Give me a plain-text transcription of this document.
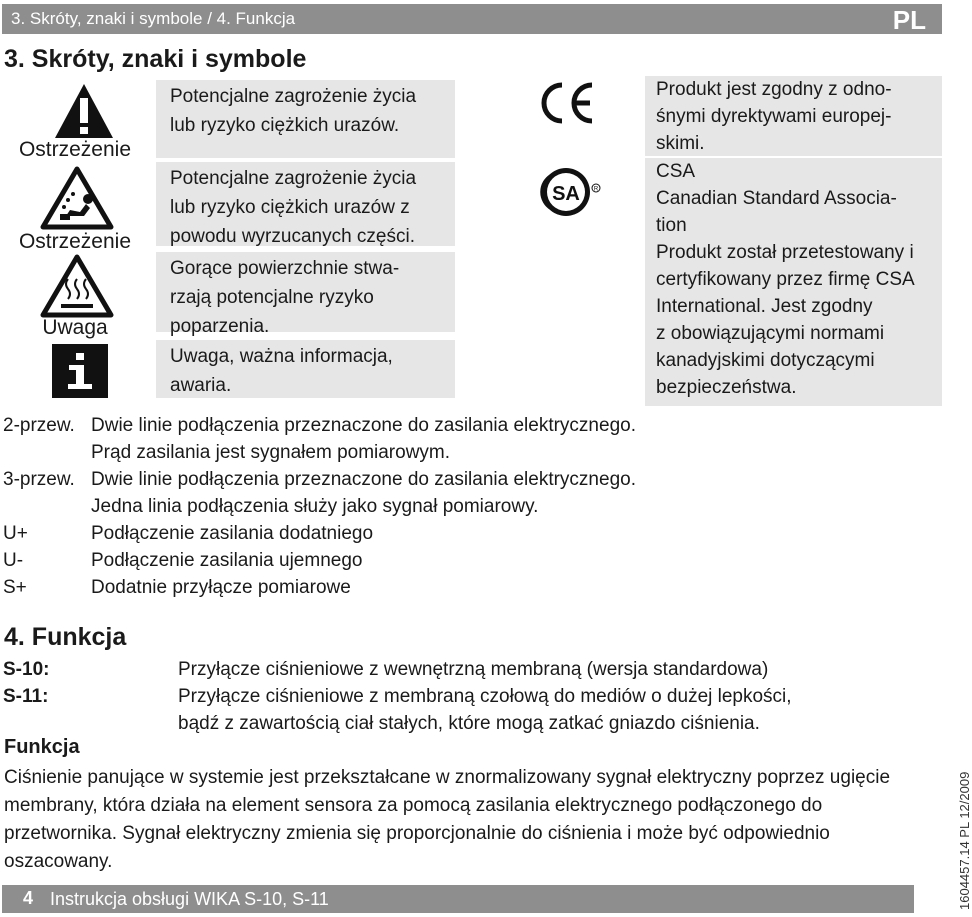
3. Skróty, znaki i symbole / 4. Funkcja	PL
3. Skróty, znaki i symbole
Ostrzeżenie
Potencjalne zagrożenie życia
lub ryzyko ciężkich urazów.
Ostrzeżenie
Potencjalne zagrożenie życia
lub ryzyko ciężkich urazów z
powodu wyrzucanych części.
Uwaga
Gorące powierzchnie stwa-
rzają potencjalne ryzyko
poparzenia.
Uwaga, ważna informacja,
awaria.
Produkt jest zgodny z odno-
śnymi dyrektywami europej-
skimi.
SA R
CSA
Canadian Standard Associa-
tion
Produkt został przetestowany i
certyfikowany przez firmę CSA
International. Jest zgodny
z obowiązującymi normami
kanadyjskimi dotyczącymi
bezpieczeństwa.
2-przew. Dwie linie podłączenia przeznaczone do zasilania elektrycznego.
Prąd zasilania jest sygnałem pomiarowym.
3-przew. Dwie linie podłączenia przeznaczone do zasilania elektrycznego.
Jedna linia podłączenia służy jako sygnał pomiarowy.
U+	Podłączenie zasilania dodatniego
U-	Podłączenie zasilania ujemnego
S+	Dodatnie przyłącze pomiarowe
4. Funkcja
S-10:	Przyłącze ciśnieniowe z wewnętrzną membraną (wersja standardowa)
S-11:	Przyłącze ciśnieniowe z membraną czołową do mediów o dużej lepkości,
bądź z zawartością ciał stałych, które mogą zatkać gniazdo ciśnienia.
Funkcja
Ciśnienie panujące w systemie jest przekształcane w znormalizowany sygnał elektryczny poprzez ugięcie membrany, która działa na element sensora za pomocą zasilania elektrycznego podłączonego do przetwornika. Sygnał elektryczny zmienia się proporcjonalnie do ciśnienia i może być odpowiednio oszacowany.
4 Instrukcja obsługi WIKA S-10, S-11	1604457.14 PL 12/2009
